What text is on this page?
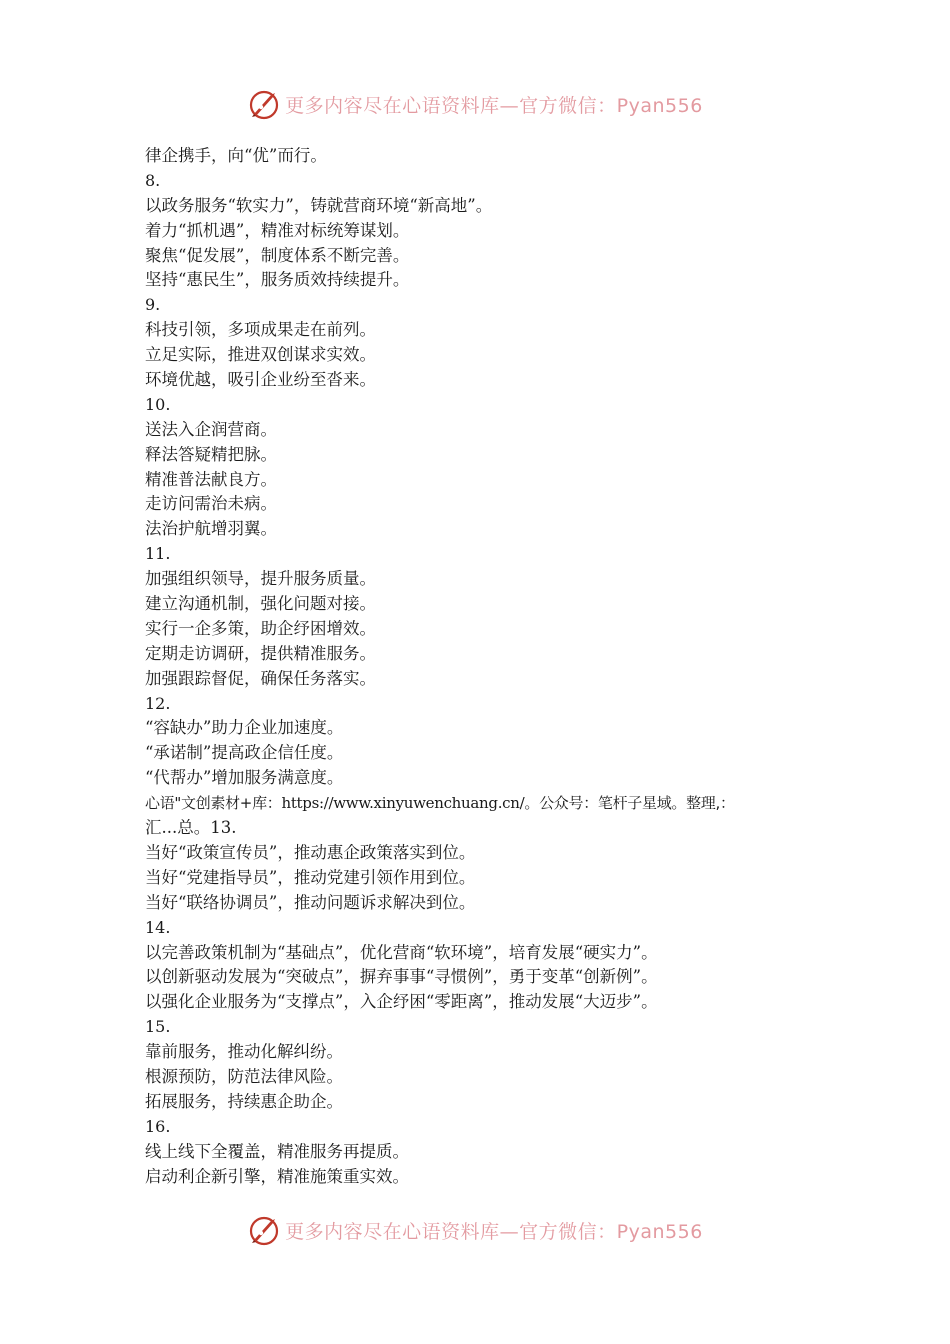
更多内容尽在心语资料库—官方微信：Pyan556
律企携手，向“优”而行。
8.
以政务服务“软实力”，铸就营商环境“新高地”。
着力“抓机遇”，精准对标统筹谋划。
聚焦“促发展”，制度体系不断完善。
坚持“惠民生”，服务质效持续提升。
9.
科技引领，多项成果走在前列。
立足实际，推进双创谋求实效。
环境优越，吸引企业纷至沓来。
10.
送法入企润营商。
释法答疑精把脉。
精准普法献良方。
走访问需治未病。
法治护航增羽翼。
11.
加强组织领导，提升服务质量。
建立沟通机制，强化问题对接。
实行一企多策，助企纾困增效。
定期走访调研，提供精准服务。
加强跟踪督促，确保任务落实。
12.
“容缺办”助力企业加速度。
“承诺制”提高政企信任度。
“代帮办”增加服务满意度。
心语"文创素材+库：https://www.xinyuwenchuang.cn/。公众号：笔杆子星域。整理,：
汇...总。13.
当好“政策宣传员”，推动惠企政策落实到位。
当好“党建指导员”，推动党建引领作用到位。
当好“联络协调员”，推动问题诉求解决到位。
14.
以完善政策机制为“基础点”，优化营商“软环境”，培育发展“硬实力”。
以创新驱动发展为“突破点”，摒弃事事“寻惯例”，勇于变革“创新例”。
以强化企业服务为“支撑点”，入企纾困“零距离”，推动发展“大迈步”。
15.
靠前服务，推动化解纠纷。
根源预防，防范法律风险。
拓展服务，持续惠企助企。
16.
线上线下全覆盖，精准服务再提质。
启动利企新引擎，精准施策重实效。
更多内容尽在心语资料库—官方微信：Pyan556
